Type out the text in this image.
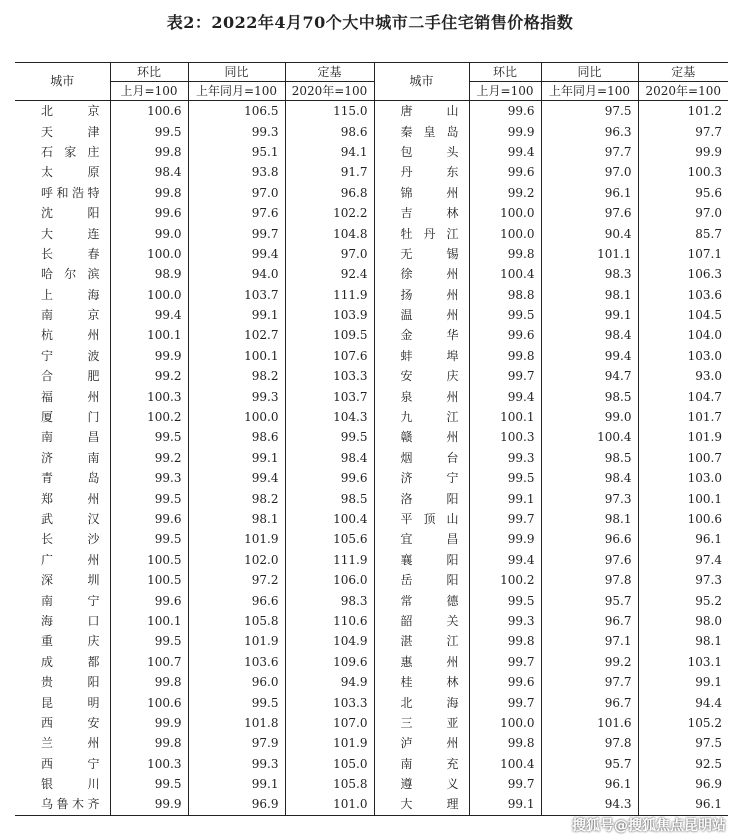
表2：2022年4月70个大中城市二手住宅销售价格指数
城市	环比	同比	定基	城市	环比	同比	定基
	上月=100	上年同月=100	2020年=100		上月=100	上年同月=100	2020年=100
北京	100.6	106.5	115.0	唐山	99.6	97.5	101.2
天津	99.5	99.3	98.6	秦皇岛	99.9	96.3	97.7
石家庄	99.8	95.1	94.1	包头	99.4	97.7	99.9
太原	98.4	93.8	91.7	丹东	99.6	97.0	100.3
呼和浩特	99.8	97.0	96.8	锦州	99.2	96.1	95.6
沈阳	99.6	97.6	102.2	吉林	100.0	97.6	97.0
大连	99.0	99.7	104.8	牡丹江	100.0	90.4	85.7
长春	100.0	99.4	97.0	无锡	99.8	101.1	107.1
哈尔滨	98.9	94.0	92.4	徐州	100.4	98.3	106.3
上海	100.0	103.7	111.9	扬州	98.8	98.1	103.6
南京	99.4	99.1	103.9	温州	99.5	99.1	104.5
杭州	100.1	102.7	109.5	金华	99.6	98.4	104.0
宁波	99.9	100.1	107.6	蚌埠	99.8	99.4	103.0
合肥	99.2	98.2	103.3	安庆	99.7	94.7	93.0
福州	100.3	99.3	103.7	泉州	99.4	98.5	104.7
厦门	100.2	100.0	104.3	九江	100.1	99.0	101.7
南昌	99.5	98.6	99.5	赣州	100.3	100.4	101.9
济南	99.2	99.1	98.4	烟台	99.3	98.5	100.7
青岛	99.3	99.4	99.6	济宁	99.5	98.4	103.0
郑州	99.5	98.2	98.5	洛阳	99.1	97.3	100.1
武汉	99.6	98.1	100.4	平顶山	99.7	98.1	100.6
长沙	99.5	101.9	105.6	宜昌	99.9	96.6	96.1
广州	100.5	102.0	111.9	襄阳	99.4	97.6	97.4
深圳	100.5	97.2	106.0	岳阳	100.2	97.8	97.3
南宁	99.6	96.6	98.3	常德	99.5	95.7	95.2
海口	100.1	105.8	110.6	韶关	99.3	96.7	98.0
重庆	99.5	101.9	104.9	湛江	99.8	97.1	98.1
成都	100.7	103.6	109.6	惠州	99.7	99.2	103.1
贵阳	99.8	96.0	94.9	桂林	99.6	97.7	99.1
昆明	100.6	99.5	103.3	北海	99.7	96.7	94.4
西安	99.9	101.8	107.0	三亚	100.0	101.6	105.2
兰州	99.8	97.9	101.9	泸州	99.8	97.8	97.5
西宁	100.3	99.3	105.0	南充	100.4	95.7	92.5
银川	99.5	99.1	105.8	遵义	99.7	96.1	96.9
乌鲁木齐	99.9	96.9	101.0	大理	99.1	94.3	96.1
搜狐号@搜狐焦点昆明站
